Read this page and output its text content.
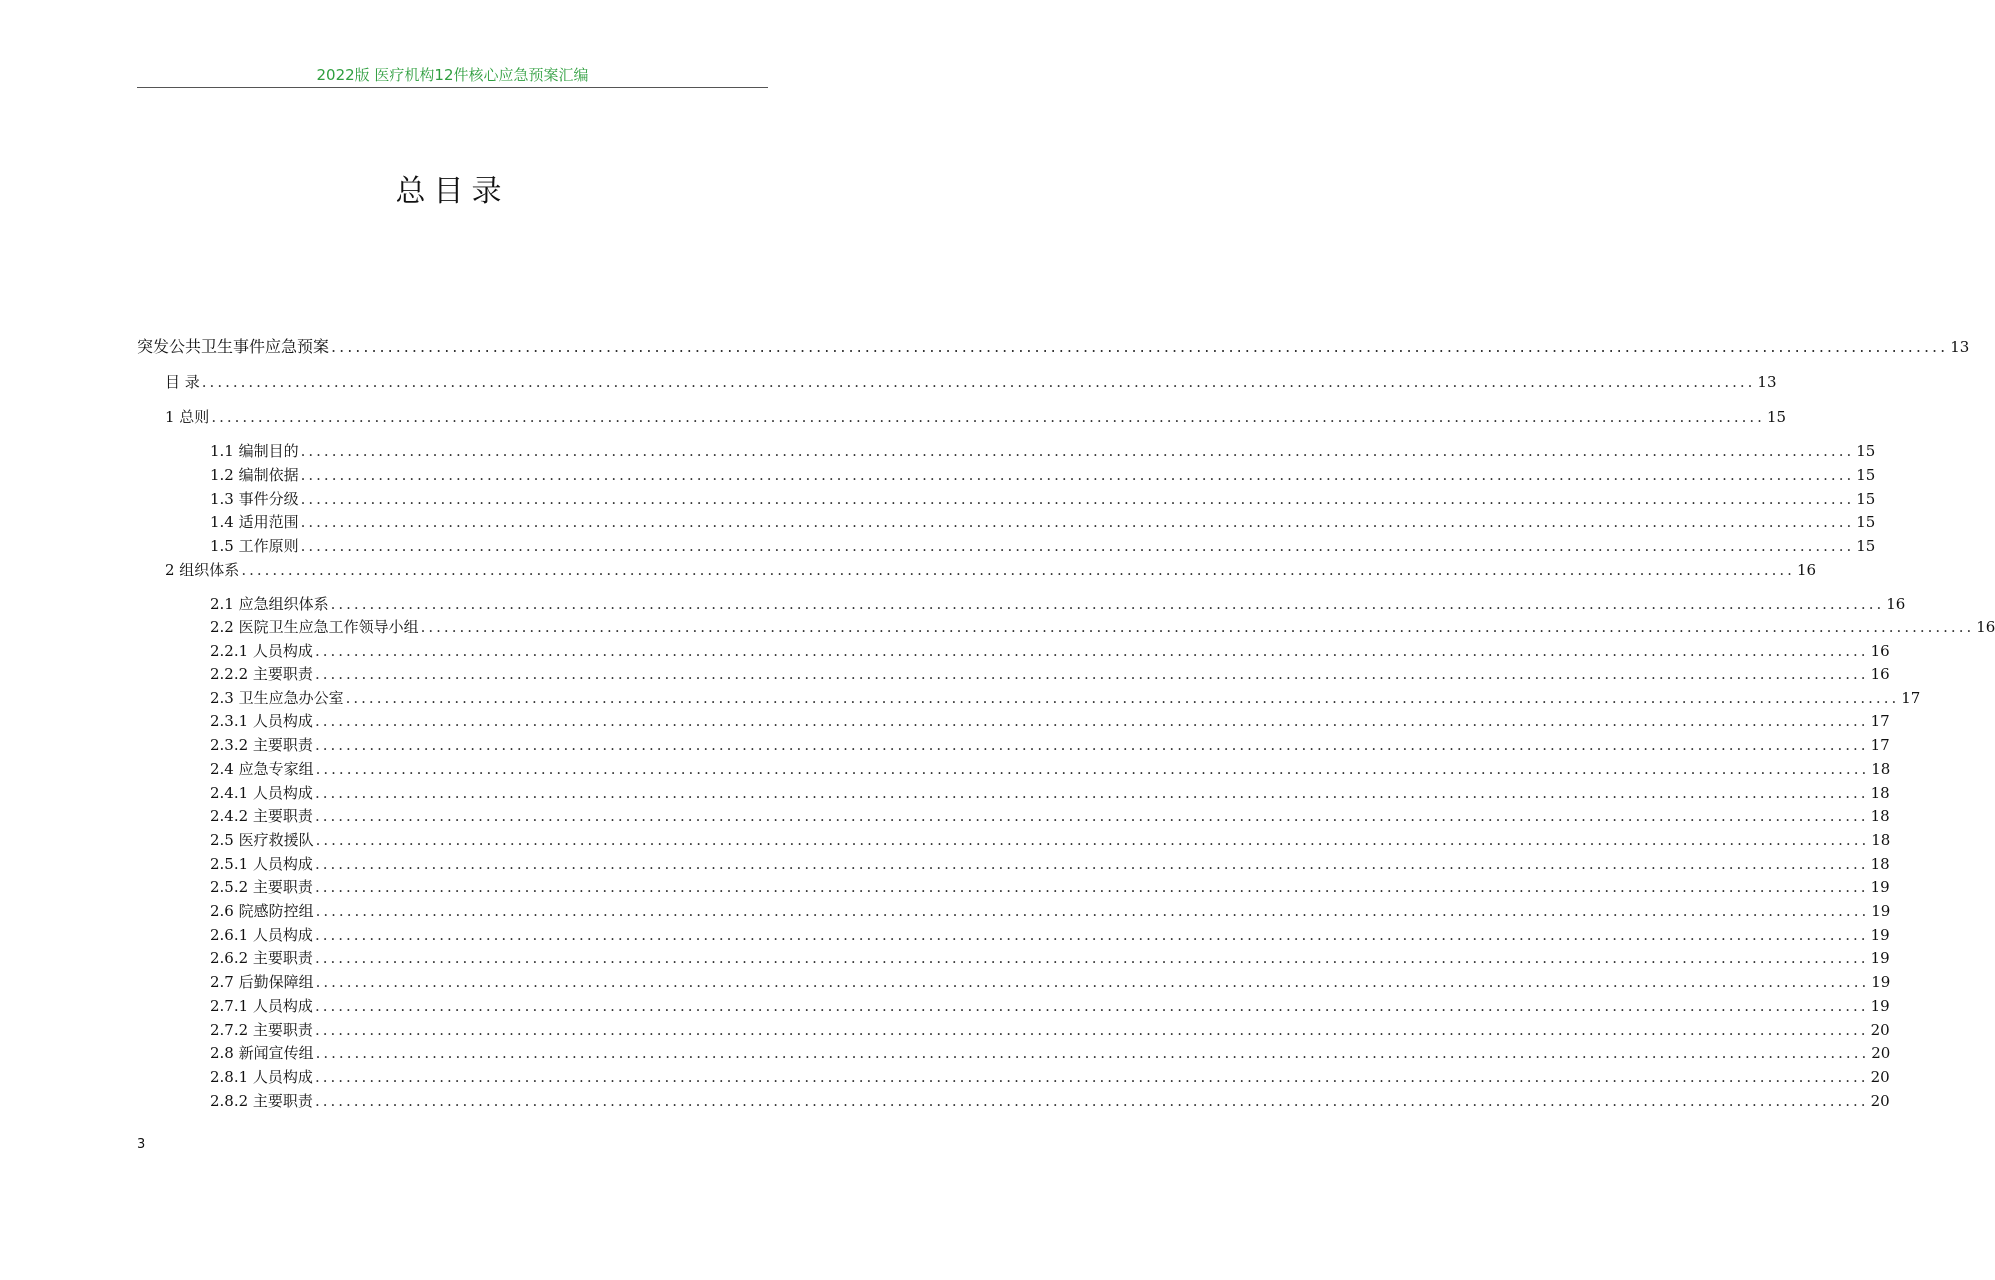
2022版 医疗机构12件核心应急预案汇编
总目录
突发公共卫生事件应急预案 ........................................................................................................................................................................................................ 13
目 录 ........................................................................................................................................................................................................ 13
1 总则 ........................................................................................................................................................................................................ 15
1.1 编制目的 ........................................................................................................................................................................................................ 15
1.2 编制依据 ........................................................................................................................................................................................................ 15
1.3 事件分级 ........................................................................................................................................................................................................ 15
1.4 适用范围 ........................................................................................................................................................................................................ 15
1.5 工作原则 ........................................................................................................................................................................................................ 15
2 组织体系 ........................................................................................................................................................................................................ 16
2.1 应急组织体系 ........................................................................................................................................................................................................ 16
2.2 医院卫生应急工作领导小组 ........................................................................................................................................................................................................ 16
2.2.1 人员构成 ........................................................................................................................................................................................................ 16
2.2.2 主要职责 ........................................................................................................................................................................................................ 16
2.3 卫生应急办公室 ........................................................................................................................................................................................................ 17
2.3.1 人员构成 ........................................................................................................................................................................................................ 17
2.3.2 主要职责 ........................................................................................................................................................................................................ 17
2.4 应急专家组 ........................................................................................................................................................................................................ 18
2.4.1 人员构成 ........................................................................................................................................................................................................ 18
2.4.2 主要职责 ........................................................................................................................................................................................................ 18
2.5 医疗救援队 ........................................................................................................................................................................................................ 18
2.5.1 人员构成 ........................................................................................................................................................................................................ 18
2.5.2 主要职责 ........................................................................................................................................................................................................ 19
2.6 院感防控组 ........................................................................................................................................................................................................ 19
2.6.1 人员构成 ........................................................................................................................................................................................................ 19
2.6.2 主要职责 ........................................................................................................................................................................................................ 19
2.7 后勤保障组 ........................................................................................................................................................................................................ 19
2.7.1 人员构成 ........................................................................................................................................................................................................ 19
2.7.2 主要职责 ........................................................................................................................................................................................................ 20
2.8 新闻宣传组 ........................................................................................................................................................................................................ 20
2.8.1 人员构成 ........................................................................................................................................................................................................ 20
2.8.2 主要职责 ........................................................................................................................................................................................................ 20
3
